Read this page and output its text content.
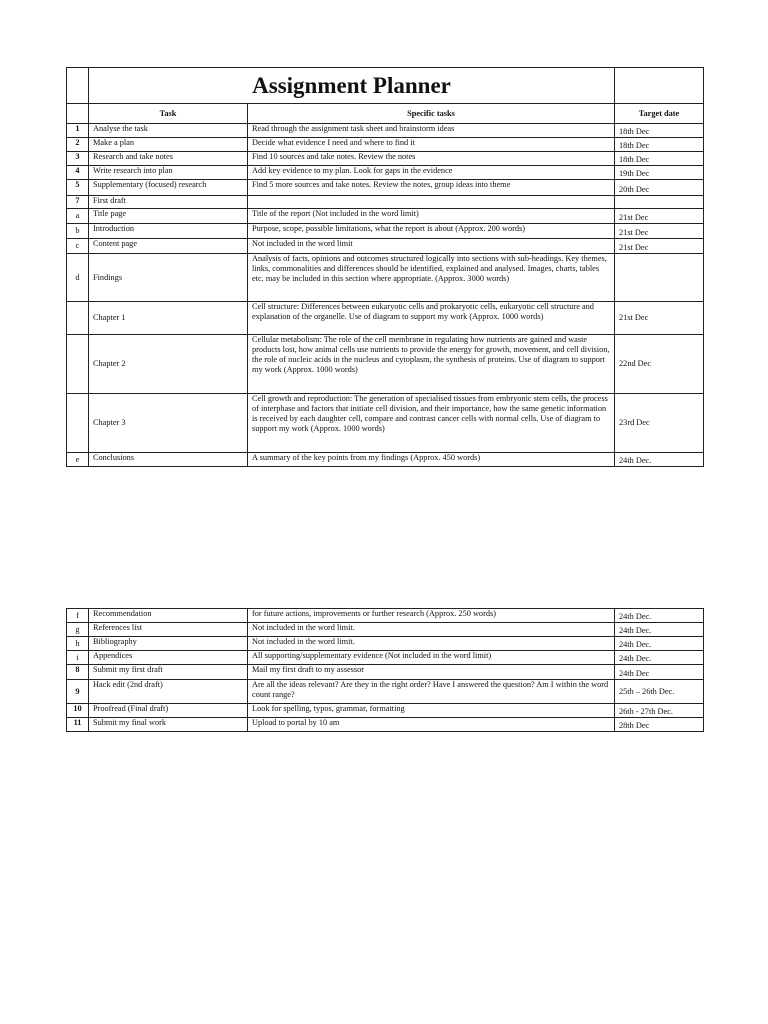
	Assignment Planner		
	Task	Specific tasks	Target date
1	Analyse the task	Read through the assignment task sheet and brainstorm ideas	18th Dec
2	Make a plan	Decide what evidence I need and where to find it	18th Dec
3	Research and take notes	Find 10 sources and take notes. Review the notes	18th Dec
4	Write research into plan	Add key evidence to my plan. Look for gaps in the evidence	19th Dec
5	Supplementary (focused) research	Find 5 more sources and take notes. Review the notes, group ideas into theme	20th Dec
7	First draft		
a	Title page	Title of the report (Not included in the word limit)	21st Dec
b	Introduction	Purpose, scope, possible limitations, what the report is about (Approx. 200 words)	21st Dec
c	Content page	Not included in the word limit	21st Dec
d	Findings	Analysis of facts, opinions and outcomes structured logically into sections with sub-headings. Key themes, links, commonalities and differences should be identified, explained and analysed. Images, charts, tables etc. may be included in this section where appropriate. (Approx. 3000 words)	
	Chapter 1	Cell structure: Differences between eukaryotic cells and prokaryotic cells, eukaryotic cell structure and explanation of the organelle. Use of diagram to support my work (Approx. 1000 words)	21st Dec
	Chapter 2	Cellular metabolism: The role of the cell membrane in regulating how nutrients are gained and waste products lost, how animal cells use nutrients to provide the energy for growth, movement, and cell division, the role of nucleic acids in the nucleus and cytoplasm, the synthesis of proteins. Use of diagram to support my work (Approx. 1000 words)	22nd Dec
	Chapter 3	Cell growth and reproduction: The generation of specialised tissues from embryonic stem cells, the process of interphase and factors that initiate cell division, and their importance, how the same genetic information is received by each daughter cell, compare and contrast cancer cells with normal cells. Use of diagram to support my work (Approx. 1000 words)	23rd Dec
e	Conclusions	A summary of the key points from my findings (Approx. 450 words)	24th Dec.
f	Recommendation	for future actions, improvements or further research (Approx. 250 words)	24th Dec.
g	References list	Not included in the word limit.	24th Dec.
h	Bibliography	Not included in the word limit.	24th Dec.
i	Appendices	All supporting/supplementary evidence (Not included in the word limit)	24th Dec.
8	Submit my first draft	Mail my first draft to my assessor	24th Dec
9	Hack edit (2nd draft)	Are all the ideas relevant? Are they in the right order? Have I answered the question? Am I within the word count range?	25th – 26th Dec.
10	Proofread (Final draft)	Look for spelling, typos, grammar, formatting	26th - 27th Dec.
11	Submit my final work	Upload to portal by 10 am	28th Dec
